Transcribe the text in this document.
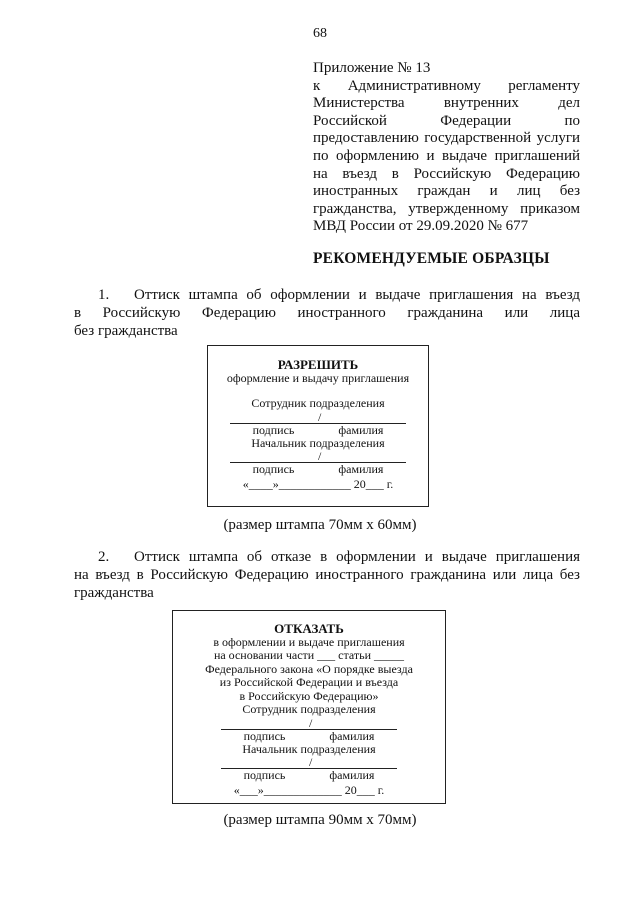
68
Приложение № 13
к Административному регламенту
Министерства внутренних дел
Российской Федерации по
предоставлению государственной услуги
по оформлению и выдаче приглашений
на въезд в Российскую Федерацию
иностранных граждан и лиц без
гражданства, утвержденному приказом
МВД России от 29.09.2020 № 677
РЕКОМЕНДУЕМЫЕ ОБРАЗЦЫ
1. Оттиск штампа об оформлении и выдаче приглашения на въезд
в Российскую Федерацию иностранного гражданина или лица
без гражданства
РАЗРЕШИТЬ
оформление и выдачу приглашения
Сотрудник подразделения
/
подпись	фамилия
Начальник подразделения
/
подпись	фамилия
«____»____________ 20___ г.
(размер штампа 70мм х 60мм)
2. Оттиск штампа об отказе в оформлении и выдаче приглашения
на въезд в Российскую Федерацию иностранного гражданина или лица без
гражданства
ОТКАЗАТЬ
в оформлении и выдаче приглашения
на основании части ___ статьи _____
Федерального закона «О порядке выезда
из Российской Федерации и въезда
в Российскую Федерацию»
Сотрудник подразделения
/
подпись	фамилия
Начальник подразделения
/
подпись	фамилия
«___»_____________ 20___ г.
(размер штампа 90мм х 70мм)
